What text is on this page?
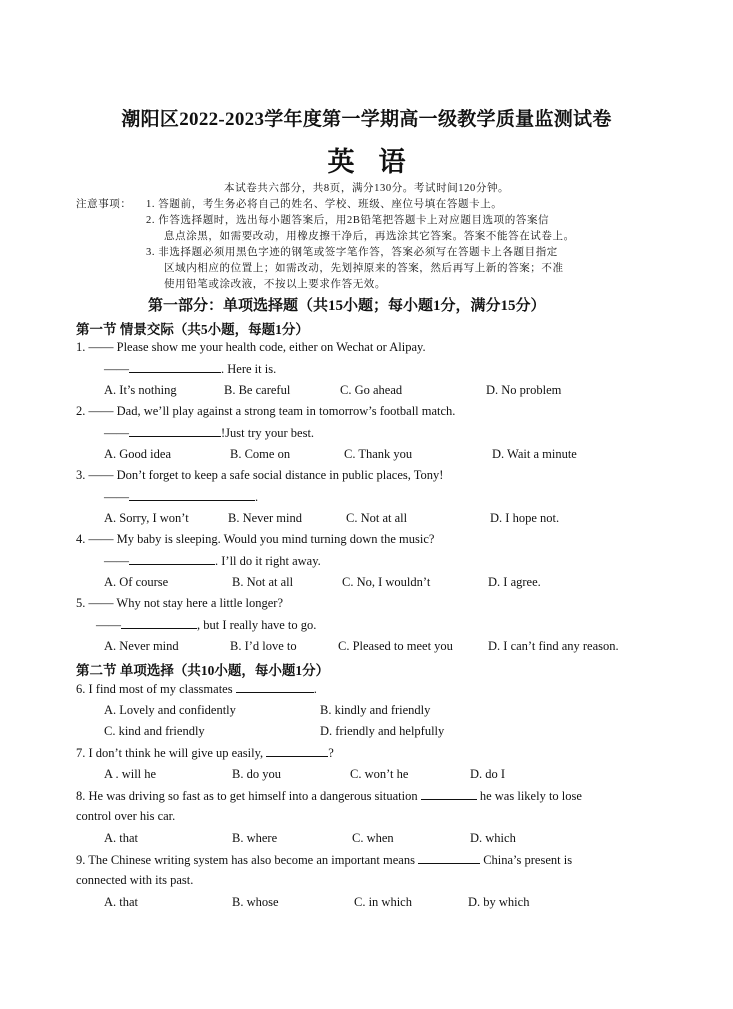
潮阳区2022-2023学年度第一学期高一级教学质量监测试卷
英语
本试卷共六部分，共8页，满分130分。考试时间120分钟。
注意事项： 1. 答题前，考生务必将自己的姓名、学校、班级、座位号填在答题卡上。
2. 作答选择题时，选出每小题答案后，用2B铅笔把答题卡上对应题目选项的答案信
息点涂黑，如需要改动，用橡皮擦干净后，再选涂其它答案。答案不能答在试卷上。
3. 非选择题必须用黑色字迹的钢笔或签字笔作答，答案必须写在答题卡上各题目指定
区域内相应的位置上；如需改动，先划掉原来的答案，然后再写上新的答案；不准
使用铅笔或涂改液，不按以上要求作答无效。
第一部分：单项选择题（共15小题；每小题1分，满分15分）
第一节 情景交际（共5小题，每题1分）
1. —— Please show me your health code, either on Wechat or Alipay.
——	. Here it is.
A. It’s nothing	B. Be careful	C. Go ahead	D. No problem
2. —— Dad, we’ll play against a strong team in tomorrow’s football match.
——	!Just try your best.
A. Good idea	B. Come on	C. Thank you	D. Wait a minute
3. —— Don’t forget to keep a safe social distance in public places, Tony!
——	.
A. Sorry, I won’t	B. Never mind	C. Not at all	D. I hope not.
4. —— My baby is sleeping. Would you mind turning down the music?
——	. I’ll do it right away.
A. Of course	B. Not at all	C. No, I wouldn’t	D. I agree.
5. —— Why not stay here a little longer?
——	, but I really have to go.
A. Never mind	B. I’d love to	C. Pleased to meet you	D. I can’t find any reason.
第二节 单项选择（共10小题，每小题1分）
6. I find most of my classmates	.
A. Lovely and confidently	B. kindly and friendly
C. kind and friendly	D. friendly and helpfully
7. I don’t think he will give up easily,	?
A . will he	B. do you	C. won’t he	D. do I
8. He was driving so fast as to get himself into a dangerous situation	he was likely to lose
control over his car.
A. that	B. where	C. when	D. which
9. The Chinese writing system has also become an important means	China’s present is
connected with its past.
A. that	B. whose	C. in which	D. by which
